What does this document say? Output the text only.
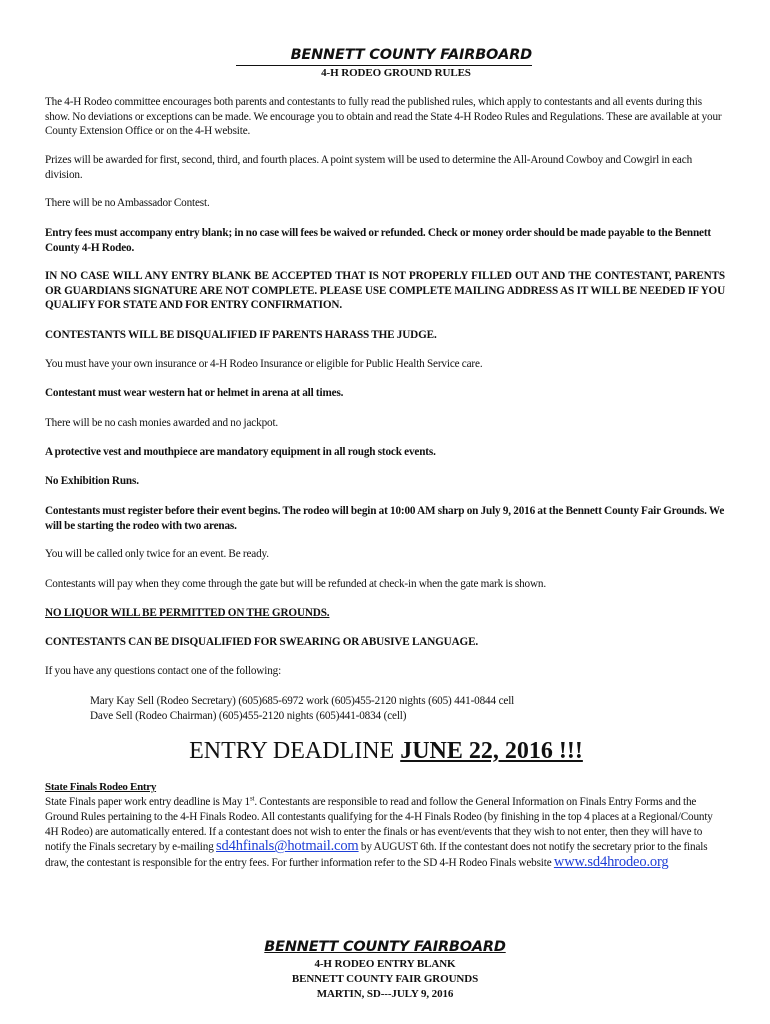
BENNETT COUNTY FAIRBOARD
4-H RODEO GROUND RULES
The 4-H Rodeo committee encourages both parents and contestants to fully read the published rules, which apply to contestants and all events during this show. No deviations or exceptions can be made. We encourage you to obtain and read the State 4-H Rodeo Rules and Regulations. These are available at your County Extension Office or on the 4-H website.
Prizes will be awarded for first, second, third, and fourth places. A point system will be used to determine the All-Around Cowboy and Cowgirl in each division.
There will be no Ambassador Contest.
Entry fees must accompany entry blank; in no case will fees be waived or refunded. Check or money order should be made payable to the Bennett County 4-H Rodeo.
IN NO CASE WILL ANY ENTRY BLANK BE ACCEPTED THAT IS NOT PROPERLY FILLED OUT AND THE CONTESTANT, PARENTS OR GUARDIANS SIGNATURE ARE NOT COMPLETE. PLEASE USE COMPLETE MAILING ADDRESS AS IT WILL BE NEEDED IF YOU QUALIFY FOR STATE AND FOR ENTRY CONFIRMATION.
CONTESTANTS WILL BE DISQUALIFIED IF PARENTS HARASS THE JUDGE.
You must have your own insurance or 4-H Rodeo Insurance or eligible for Public Health Service care.
Contestant must wear western hat or helmet in arena at all times.
There will be no cash monies awarded and no jackpot.
A protective vest and mouthpiece are mandatory equipment in all rough stock events.
No Exhibition Runs.
Contestants must register before their event begins. The rodeo will begin at 10:00 AM sharp on July 9, 2016 at the Bennett County Fair Grounds. We will be starting the rodeo with two arenas.
You will be called only twice for an event. Be ready.
Contestants will pay when they come through the gate but will be refunded at check-in when the gate mark is shown.
NO LIQUOR WILL BE PERMITTED ON THE GROUNDS.
CONTESTANTS CAN BE DISQUALIFIED FOR SWEARING OR ABUSIVE LANGUAGE.
If you have any questions contact one of the following:
Mary Kay Sell (Rodeo Secretary) (605)685-6972 work (605)455-2120 nights (605) 441-0844 cell
Dave Sell (Rodeo Chairman) (605)455-2120 nights (605)441-0834 (cell)
ENTRY DEADLINE JUNE 22, 2016 !!!
State Finals Rodeo Entry
State Finals paper work entry deadline is May 1st. Contestants are responsible to read and follow the General Information on Finals Entry Forms and the Ground Rules pertaining to the 4-H Finals Rodeo. All contestants qualifying for the 4-H Finals Rodeo (by finishing in the top 4 places at a Regional/County 4H Rodeo) are automatically entered. If a contestant does not wish to enter the finals or has event/events that they wish to not enter, then they will have to notify the Finals secretary by e-mailing sd4hfinals@hotmail.com by AUGUST 6th. If the contestant does not notify the secretary prior to the finals draw, the contestant is responsible for the entry fees. For further information refer to the SD 4-H Rodeo Finals website www.sd4hrodeo.org
BENNETT COUNTY FAIRBOARD
4-H RODEO ENTRY BLANK
BENNETT COUNTY FAIR GROUNDS
MARTIN, SD---JULY 9, 2016
